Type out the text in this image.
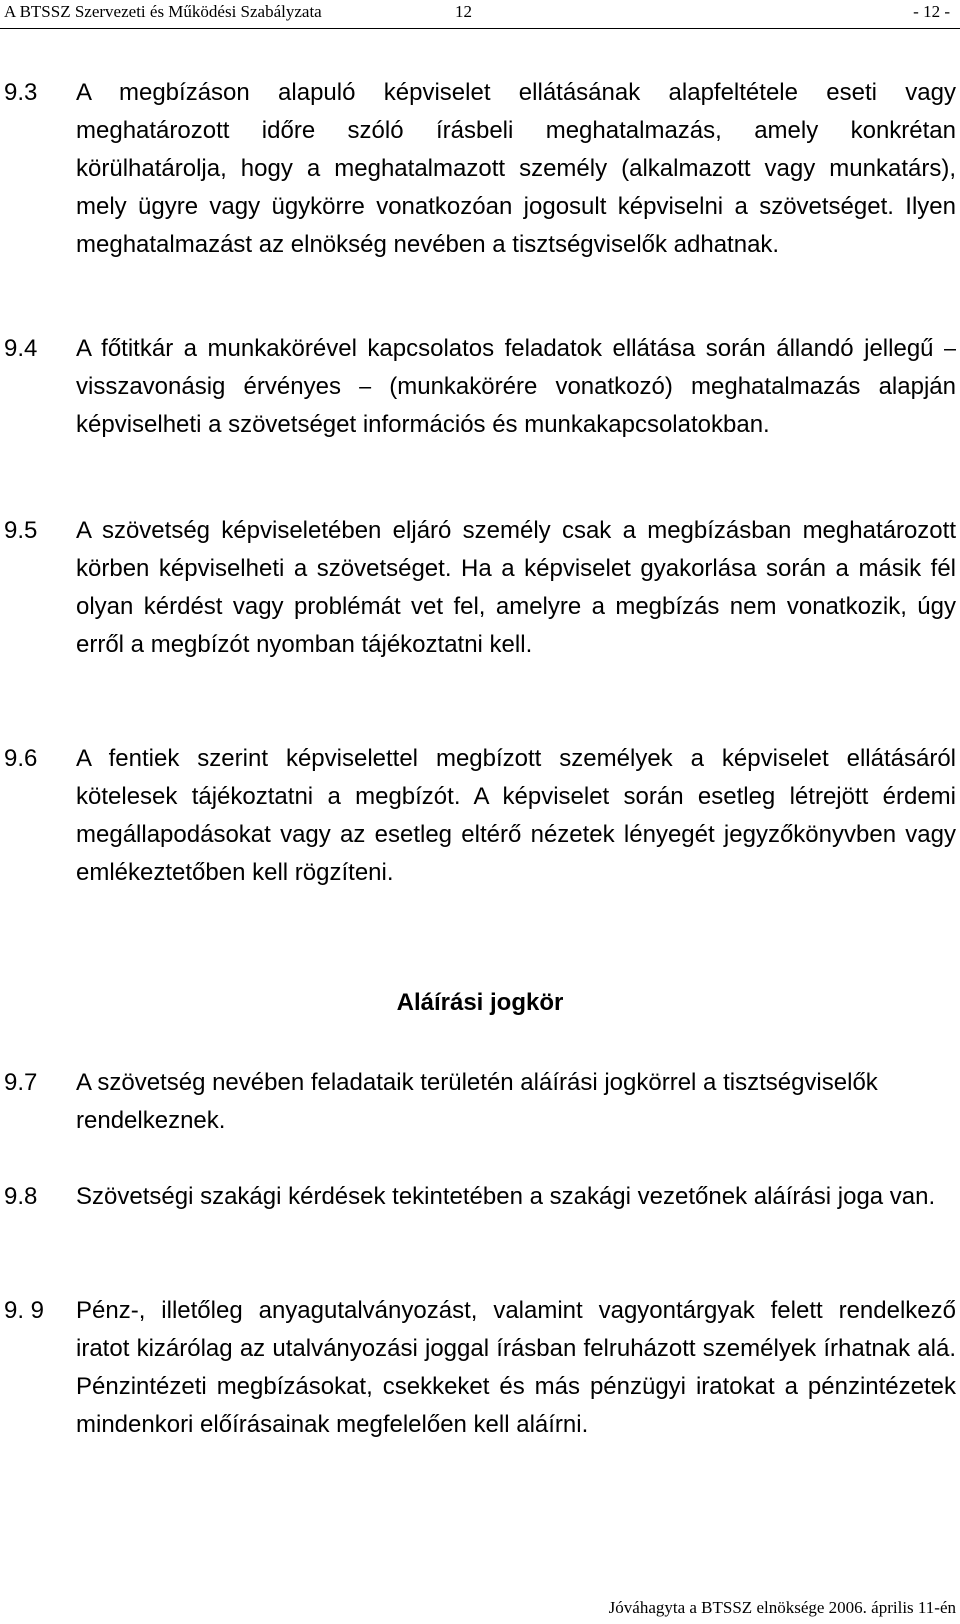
A BTSSZ Szervezeti és Működési Szabályzata	12	- 12 -
9.3 A megbízáson alapuló képviselet ellátásának alapfeltétele eseti vagy meghatározott időre szóló írásbeli meghatalmazás, amely konkrétan körülhatárolja, hogy a meghatalmazott személy (alkalmazott vagy munkatárs), mely ügyre vagy ügykörre vonatkozóan jogosult képviselni a szövetséget. Ilyen meghatalmazást az elnökség nevében a tisztségviselők adhatnak.
9.4 A főtitkár a munkakörével kapcsolatos feladatok ellátása során állandó jellegű ⎯ visszavonásig érvényes ⎯ (munkakörére vonatkozó) meghatalmazás alapján képviselheti a szövetséget információs és munkakapcsolatokban.
9.5 A szövetség képviseletében eljáró személy csak a megbízásban meghatározott körben képviselheti a szövetséget. Ha a képviselet gyakorlása során a másik fél olyan kérdést vagy problémát vet fel, amelyre a megbízás nem vonatkozik, úgy erről a megbízót nyomban tájékoztatni kell.
9.6 A fentiek szerint képviselettel megbízott személyek a képviselet ellátásáról kötelesek tájékoztatni a megbízót. A képviselet során esetleg létrejött érdemi megállapodásokat vagy az esetleg eltérő nézetek lényegét jegyzőkönyvben vagy emlékeztetőben kell rögzíteni.
Aláírási jogkör
9.7 A szövetség nevében feladataik területén aláírási jogkörrel a tisztségviselők rendelkeznek.
9.8 Szövetségi szakági kérdések tekintetében a szakági vezetőnek aláírási joga van.
9. 9 Pénz-, illetőleg anyagutalványozást, valamint vagyontárgyak felett rendelkező iratot kizárólag az utalványozási joggal írásban felruházott személyek írhatnak alá. Pénzintézeti megbízásokat, csekkeket és más pénzügyi iratokat a pénzintézetek mindenkori előírásainak megfelelően kell aláírni.
Jóváhagyta a BTSSZ elnöksége 2006. április 11-én
